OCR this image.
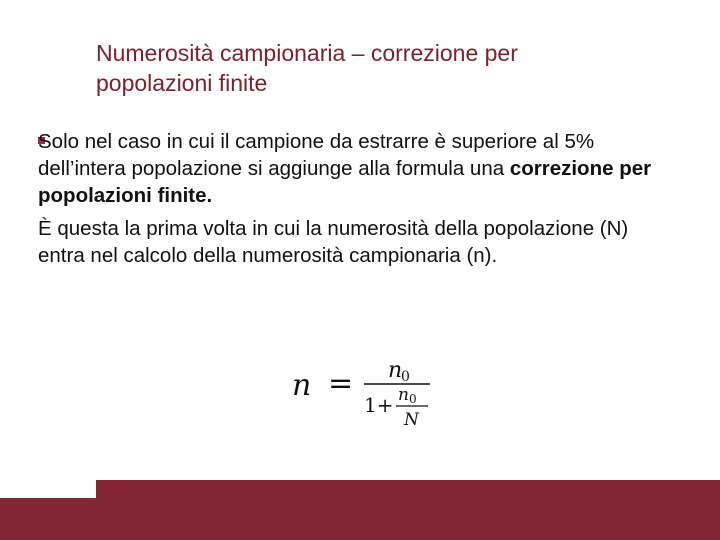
Numerosità campionaria – correzione per
popolazioni finite

Solo nel caso in cui il campione da estrarre è superiore al 5% dell’intera popolazione si aggiunge alla formula una correzione per popolazioni finite.

È questa la prima volta in cui la numerosità della popolazione (N) entra nel calcolo della numerosità campionaria (n).

n = n
0
1+ n 0
N
